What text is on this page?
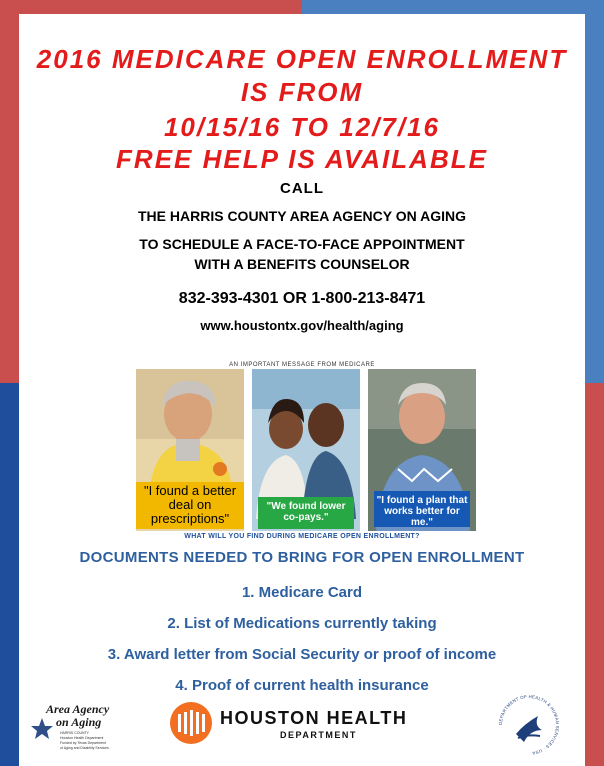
2016 MEDICARE OPEN ENROLLMENT
IS FROM
10/15/16 TO 12/7/16
FREE HELP IS AVAILABLE
CALL
THE HARRIS COUNTY AREA AGENCY ON AGING
TO SCHEDULE A FACE-TO-FACE APPOINTMENT
WITH A BENEFITS COUNSELOR
832-393-4301 OR 1-800-213-8471
www.houstontx.gov/health/aging
AN IMPORTANT MESSAGE FROM MEDICARE
"I found a better deal on prescriptions"
"We found lower co-pays."
"I found a plan that works better for me."
WHAT WILL YOU FIND DURING MEDICARE OPEN ENROLLMENT?
DOCUMENTS NEEDED TO BRING FOR OPEN ENROLLMENT
1. Medicare Card
2. List of Medications currently taking
3. Award letter from Social Security or proof of income
4. Proof of current health insurance
Area Agency
on Aging
HARRIS COUNTY
Houston Health Department
Funded by Texas Department
of Aging and Disability Services
HOUSTON HEALTH
DEPARTMENT
DEPARTMENT OF HEALTH & HUMAN SERVICES · USA
